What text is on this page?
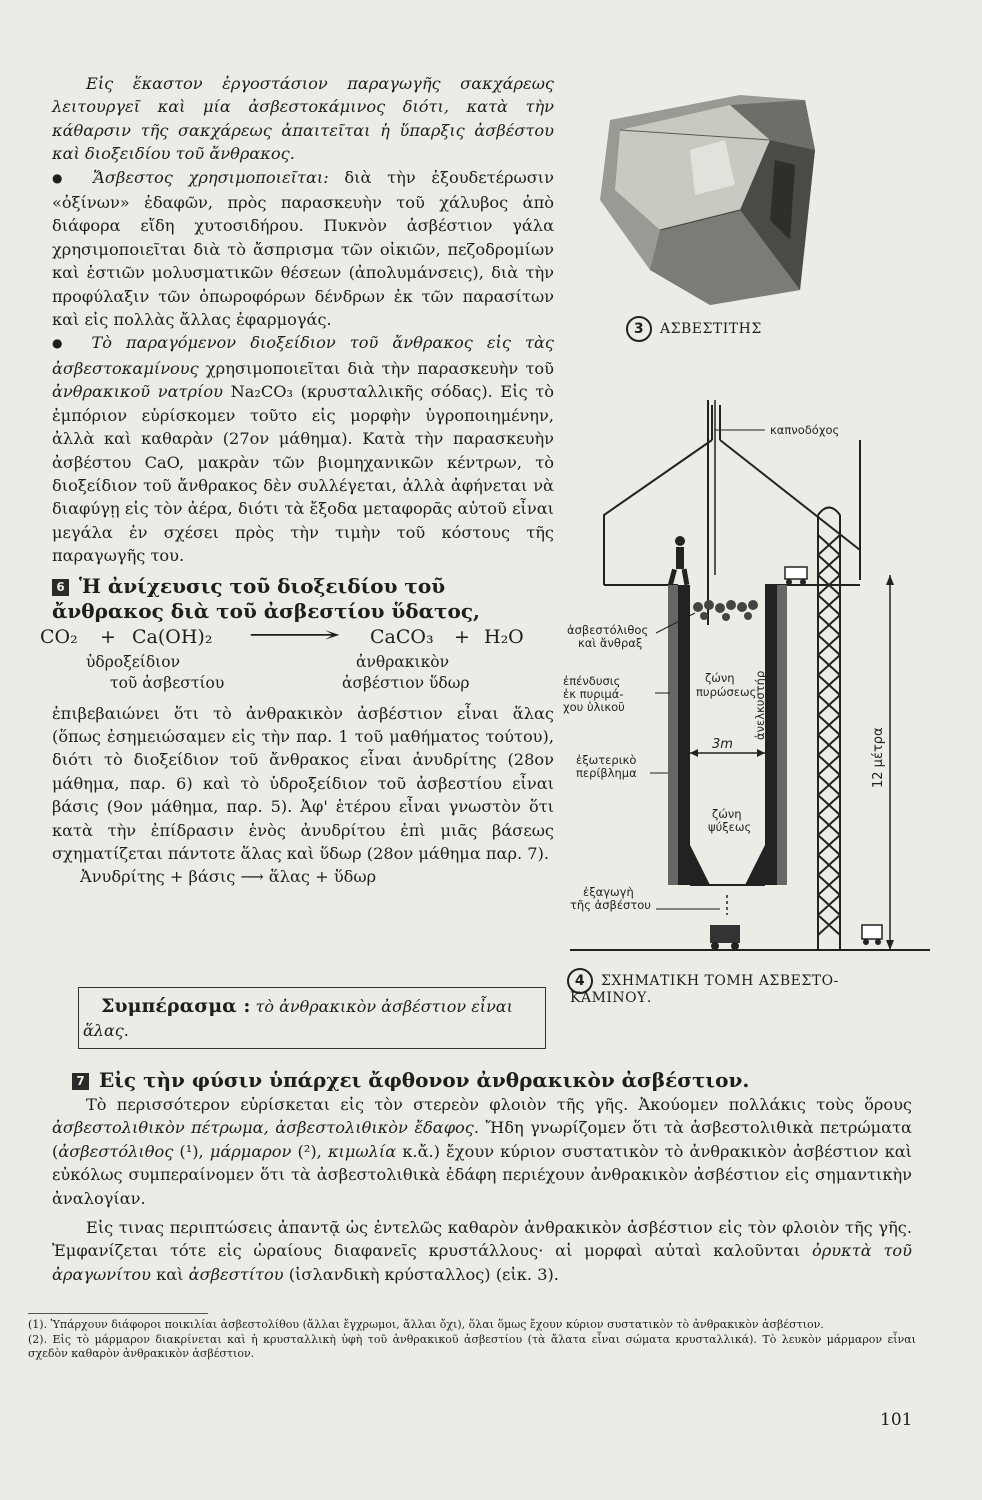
Εἰς ἕκαστον ἐργοστάσιον παραγωγῆς σακχάρεως λειτουργεῖ καὶ μία ἀσβεστοκάμινος διότι, κατὰ τὴν κάθαρσιν τῆς σακχάρεως ἀπαιτεῖται ἡ ὕπαρξις ἀσβέστου καὶ διοξειδίου τοῦ ἄνθρακος.

● Ἄσβεστος χρησιμοποιεῖται: διὰ τὴν ἐξουδετέρωσιν «ὀξίνων» ἐδαφῶν, πρὸς παρασκευὴν τοῦ χάλυβος ἀπὸ διάφορα εἴδη χυτοσιδήρου. Πυκνὸν ἀσβέστιον γάλα χρησιμοποιεῖται διὰ τὸ ἄσπρισμα τῶν οἰκιῶν, πεζοδρομίων καὶ ἑστιῶν μολυσματικῶν θέσεων (ἀπολυμάνσεις), διὰ τὴν προφύλαξιν τῶν ὀπωροφόρων δένδρων ἐκ τῶν παρασίτων καὶ εἰς πολλὰς ἄλλας ἐφαρμογάς.

● Τὸ παραγόμενον διοξείδιον τοῦ ἄνθρακος εἰς τὰς ἀσβεστοκαμίνους χρησιμοποιεῖται διὰ τὴν παρασκευὴν τοῦ ἀνθρακικοῦ νατρίου Na₂CO₃ (κρυσταλλικῆς σόδας). Εἰς τὸ ἐμπόριον εὑρίσκομεν τοῦτο εἰς μορφὴν ὑγροποιημένην, ἀλλὰ καὶ καθαρὰν (27ον μάθημα). Κατὰ τὴν παρασκευὴν ἀσβέστου CaO, μακρὰν τῶν βιομηχανικῶν κέντρων, τὸ διοξείδιον τοῦ ἄνθρακος δὲν συλλέγεται, ἀλλὰ ἀφήνεται νὰ διαφύγῃ εἰς τὸν ἀέρα, διότι τὰ ἔξοδα μεταφορᾶς αὐτοῦ εἶναι μεγάλα ἐν σχέσει πρὸς τὴν τιμὴν τοῦ κόστους τῆς παραγωγῆς του.

6 Ἡ ἀνίχευσις τοῦ διοξειδίου τοῦ ἄνθρακος διὰ τοῦ ἀσβεστίου ὕδατος,
CO₂ + Ca(OH)₂ ⟶ CaCO₃ + H₂O
ὑδροξείδιον
τοῦ ἀσβεστίου
ἀνθρακικὸν
ἀσβέστιον ὕδωρ

ἐπιβεβαιώνει ὅτι τὸ ἀνθρακικὸν ἀσβέστιον εἶναι ἅλας (ὅπως ἐσημειώσαμεν εἰς τὴν παρ. 1 τοῦ μαθήματος τούτου), διότι τὸ διοξείδιον τοῦ ἄνθρακος εἶναι ἀνυδρίτης (28ον μάθημα, παρ. 6) καὶ τὸ ὑδροξείδιον τοῦ ἀσβεστίου εἶναι βάσις (9ον μάθημα, παρ. 5). Ἀφ' ἑτέρου εἶναι γνωστὸν ὅτι κατὰ τὴν ἐπίδρασιν ἑνὸς ἀνυδρίτου ἐπὶ μιᾶς βάσεως σχηματίζεται πάντοτε ἅλας καὶ ὕδωρ (28ον μάθημα παρ. 7).

Ἀνυδρίτης + βάσις ⟶ ἅλας + ὕδωρ

Συμπέρασμα : τὸ ἀνθρακικὸν ἀσβέστιον εἶναι
ἅλας.
3 ΑΣΒΕΣΤΙΤΗΣ
καπνοδόχος
ἀσβεστόλιθος
καὶ ἄνθραξ
ἐπένδυσις
ἐκ πυριμά-
χου ὑλικοῦ
ζώνη
πυρώσεως
ἐξωτερικὸ
περίβλημα
3m
ζώνη
ψύξεως
ἐξαγωγὴ
τῆς ἀσβέστου
ἀνελκυστήρ
12 μέτρα
4 ΣΧΗΜΑΤΙΚΗ ΤΟΜΗ ΑΣΒΕΣΤΟ-
ΚΑΜΙΝΟΥ.
7 Εἰς τὴν φύσιν ὑπάρχει ἄφθονον ἀνθρακικὸν ἀσβέστιον.

Τὸ περισσότερον εὑρίσκεται εἰς τὸν στερεὸν φλοιὸν τῆς γῆς. Ἀκούομεν πολλάκις τοὺς ὅρους ἀσβεστολιθικὸν πέτρωμα, ἀσβεστολιθικὸν ἔδαφος. Ἤδη γνωρίζομεν ὅτι τὰ ἀσβεστολιθικὰ πετρώματα (ἀσβεστόλιθος (¹), μάρμαρον (²), κιμωλία κ.ἄ.) ἔχουν κύριον συστατικὸν τὸ ἀνθρακικὸν ἀσβέστιον καὶ εὐκόλως συμπεραίνομεν ὅτι τὰ ἀσβεστολιθικὰ ἐδάφη περιέχουν ἀνθρακικὸν ἀσβέστιον εἰς σημαντικὴν ἀναλογίαν.

Εἰς τινας περιπτώσεις ἀπαντᾷ ὡς ἐντελῶς καθαρὸν ἀνθρακικὸν ἀσβέστιον εἰς τὸν φλοιὸν τῆς γῆς. Ἐμφανίζεται τότε εἰς ὡραίους διαφανεῖς κρυστάλλους· αἱ μορφαὶ αὐταὶ καλοῦνται ὀρυκτὰ τοῦ ἀραγωνίτου καὶ ἀσβεστίτου (ἰσλανδικὴ κρύσταλλος) (εἰκ. 3).

(1). Ὑπάρχουν διάφοροι ποικιλίαι ἀσβεστολίθου (ἄλλαι ἔγχρωμοι, ἄλλαι ὄχι), ὅλαι ὅμως ἔχουν κύριον συστατικὸν τὸ ἀνθρακικὸν ἀσβέστιον.

(2). Εἰς τὸ μάρμαρον διακρίνεται καὶ ἡ κρυσταλλικὴ ὑφὴ τοῦ ἀνθρακικοῦ ἀσβεστίου (τὰ ἄλατα εἶναι σώματα κρυσταλλικά). Τὸ λευκὸν μάρμαρον εἶναι σχεδὸν καθαρὸν ἀνθρακικὸν ἀσβέστιον.

101
